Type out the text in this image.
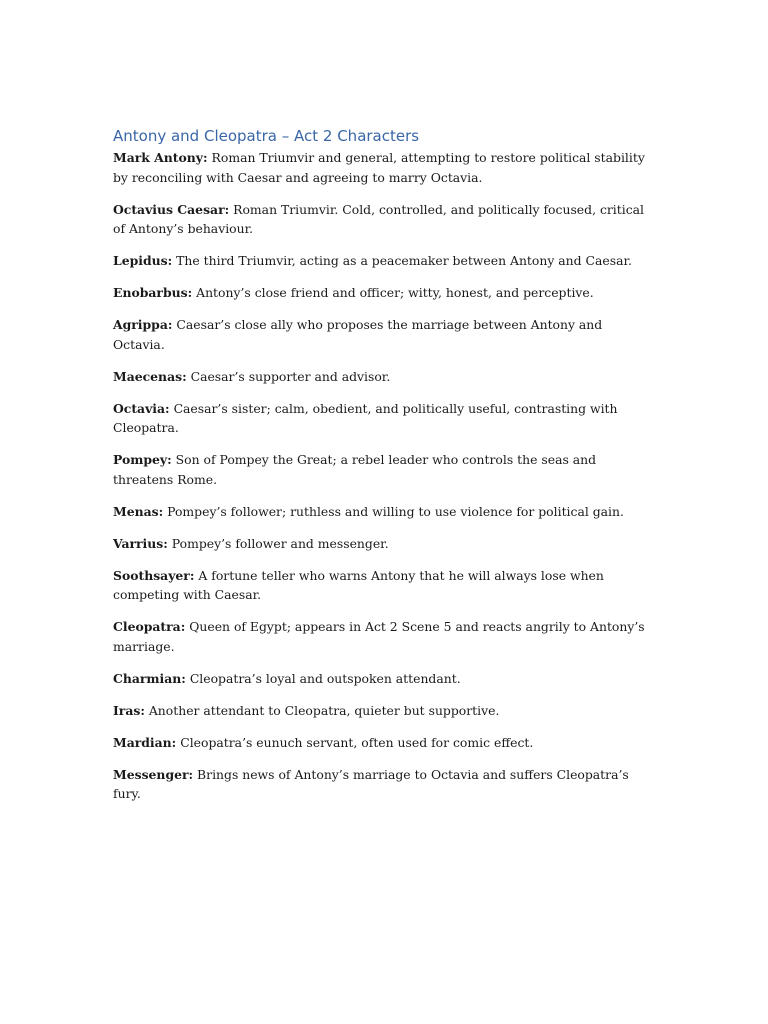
Antony and Cleopatra – Act 2 Characters

Mark Antony: Roman Triumvir and general, attempting to restore political stability by reconciling with Caesar and agreeing to marry Octavia.

Octavius Caesar: Roman Triumvir. Cold, controlled, and politically focused, critical of Antony’s behaviour.

Lepidus: The third Triumvir, acting as a peacemaker between Antony and Caesar.

Enobarbus: Antony’s close friend and officer; witty, honest, and perceptive.

Agrippa: Caesar’s close ally who proposes the marriage between Antony and Octavia.

Maecenas: Caesar’s supporter and advisor.

Octavia: Caesar’s sister; calm, obedient, and politically useful, contrasting with Cleopatra.

Pompey: Son of Pompey the Great; a rebel leader who controls the seas and threatens Rome.

Menas: Pompey’s follower; ruthless and willing to use violence for political gain.

Varrius: Pompey’s follower and messenger.

Soothsayer: A fortune teller who warns Antony that he will always lose when competing with Caesar.

Cleopatra: Queen of Egypt; appears in Act 2 Scene 5 and reacts angrily to Antony’s marriage.

Charmian: Cleopatra’s loyal and outspoken attendant.

Iras: Another attendant to Cleopatra, quieter but supportive.

Mardian: Cleopatra’s eunuch servant, often used for comic effect.

Messenger: Brings news of Antony’s marriage to Octavia and suffers Cleopatra’s fury.
